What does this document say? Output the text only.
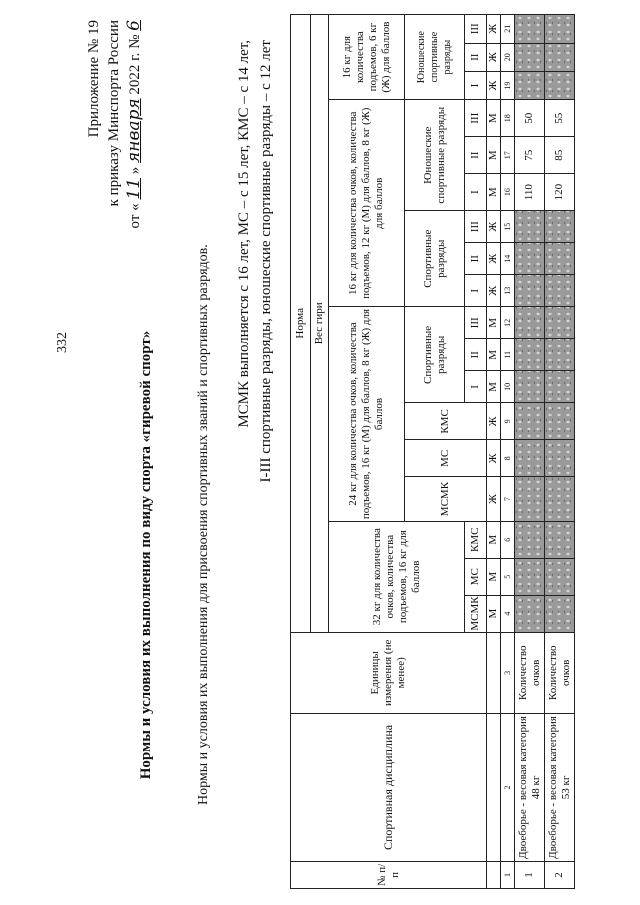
332
Приложение № 19 к приказу Минспорта России
от « 11 » января 2022 г. № 6
Нормы и условия их выполнения по виду спорта «гиревой спорт»	Нормы и условия их выполнения для присвоения спортивных званий и спортивных разрядов.
МСМК выполняется с 16 лет, МС – с 15 лет, КМС – с 14 лет, I-III спортивные разряды, юношеские спортивные разряды – с 12 лет
№ п/п	Спортивная дисциплина	Единицы измерения (не менее)	Норма																	
			Вес гири																	
			32 кг для количества очков, количества подъемов, 16 кг для баллов			24 кг для количества очков, количества подъемов, 16 кг (М) для баллов, 8 кг (Ж) для баллов						16 кг для количества очков, количества подъемов, 12 кг (М) для баллов, 8 кг (Ж) для баллов						16 кг для количества подъемов, 6 кг (Ж) для баллов		
						МСМК	МС	КМС	Спортивные разряды			Спортивные разряды			Юношеские спортивные разряды			Юношеские спортивные разряды		
			МСМК	МС	КМС				I	II	III	I	II	III	I	II	III	I	II	III
			М	М	М	Ж	Ж	Ж	М	М	М	Ж	Ж	Ж	М	М	М	Ж	Ж	Ж
1	2	3	4	5	6	7	8	9	10	11	12	13	14	15	16	17	18	19	20	21
1	Двоеборье - весовая категория 48 кг	Количество очков													110	75	50			
2	Двоеборье - весовая категория 53 кг	Количество очков													120	85	55			
